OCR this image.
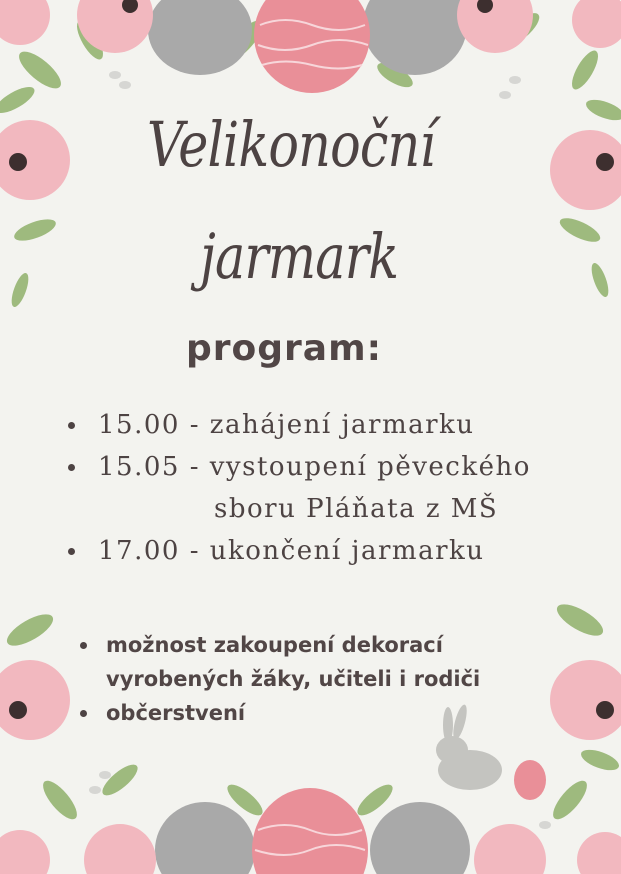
Velikonoční
jarmark
program:
15.00 - zahájení jarmarku
15.05 - vystoupení pěveckého
sboru Pláňata z MŠ
17.00 - ukončení jarmarku
možnost zakoupení dekorací
vyrobených žáky, učiteli i rodiči
občerstvení
